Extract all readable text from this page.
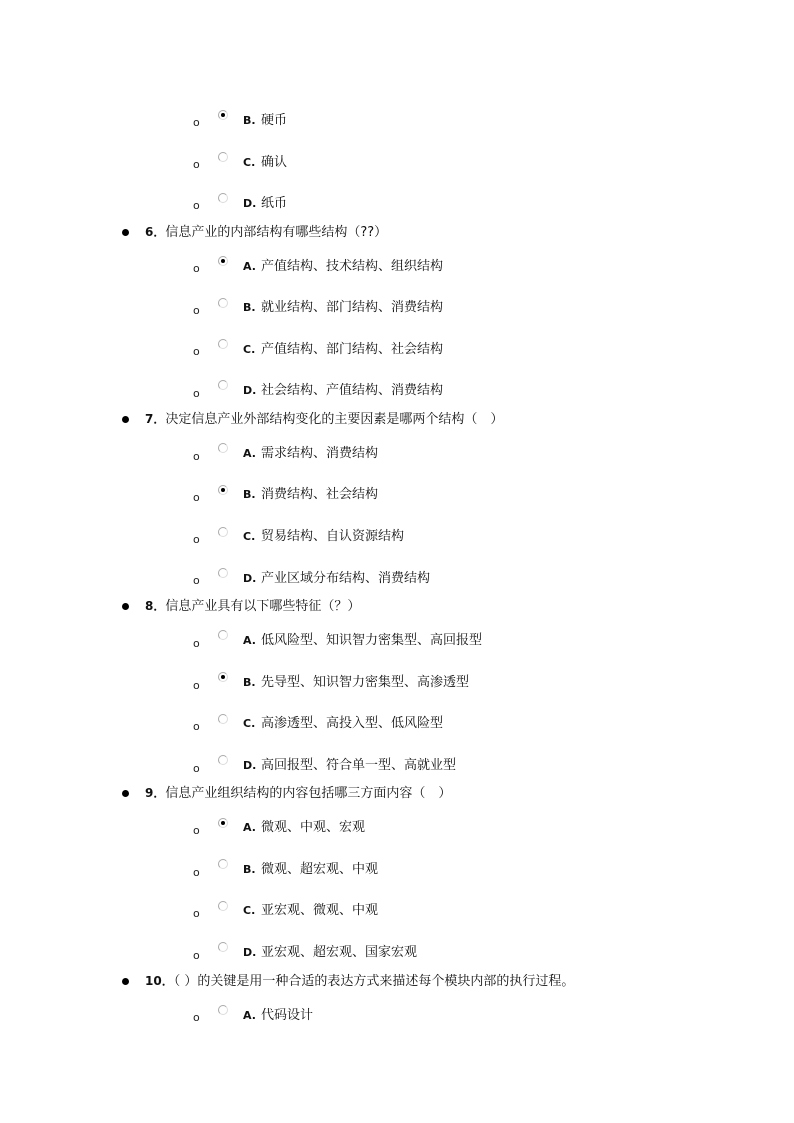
o	B. 硬币
o	C. 确认
o	D. 纸币
6．信息产业的内部结构有哪些结构（??）
o	A. 产值结构、技术结构、组织结构
o	B. 就业结构、部门结构、消费结构
o	C. 产值结构、部门结构、社会结构
o	D. 社会结构、产值结构、消费结构
7．决定信息产业外部结构变化的主要因素是哪两个结构（　）
o	A. 需求结构、消费结构
o	B. 消费结构、社会结构
o	C. 贸易结构、自认资源结构
o	D. 产业区域分布结构、消费结构
8．信息产业具有以下哪些特征（？）
o	A. 低风险型、知识智力密集型、高回报型
o	B. 先导型、知识智力密集型、高渗透型
o	C. 高渗透型、高投入型、低风险型
o	D. 高回报型、符合单一型、高就业型
9．信息产业组织结构的内容包括哪三方面内容（　）
o	A. 微观、中观、宏观
o	B. 微观、超宏观、中观
o	C. 亚宏观、微观、中观
o	D. 亚宏观、超宏观、国家宏观
10．（ ）的关键是用一种合适的表达方式来描述每个模块内部的执行过程。
o	A. 代码设计
